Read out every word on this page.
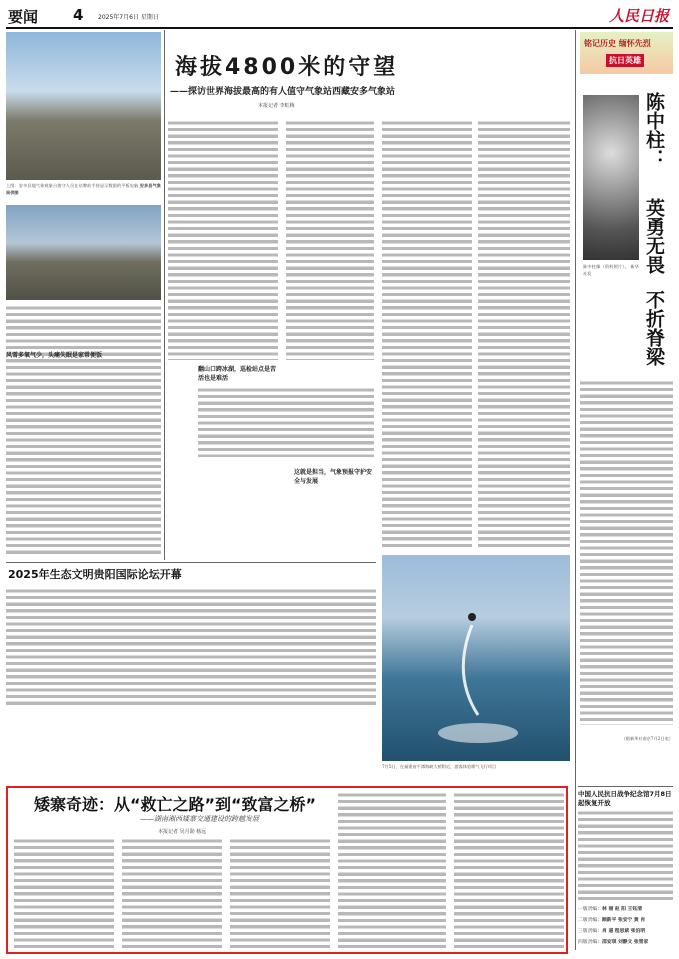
要闻 4 2025年7月6日 星期日	人民日报
海拔4800米的守望
——探访世界海拔最高的有人值守气象站西藏安多气象站
本报记者 李虹梅
上图：安多县地气象观象台值守人员在站牌前手持显示数据的平板电脑 安多县气象局供图
风雪多氧气少，头痛失眠是家常便饭
翻山口跨冰湖，巡检站点是苦活也是难活
这就是担当，气象预报守护安全与发展
2025年生态文明贵阳国际论坛开幕
7月5日，在福建省平潭海峡大桥附近，游客体验喷气飞行项目
铭记历史 缅怀先烈
抗日英雄
陈中柱：
英勇无畏
不折脊梁
陈中柱像（资料照片）。 新华社发
（据新华社南京7月2日电）
矮寨奇迹：从“救亡之路”到“致富之桥”
——湖南湘西矮寨交通建设的跨越发展
本报记者 吴月勋 杨远
中国人民抗日战争纪念馆7月8日起恢复开放
一版责编：林 丽 赵 阳 王钰清
二版责编：顾新平 张安宁 黄 肖
三版责编：肖 遥 程思斌 张泊明
四版责编：邵安琪 刘静文 张雪家
